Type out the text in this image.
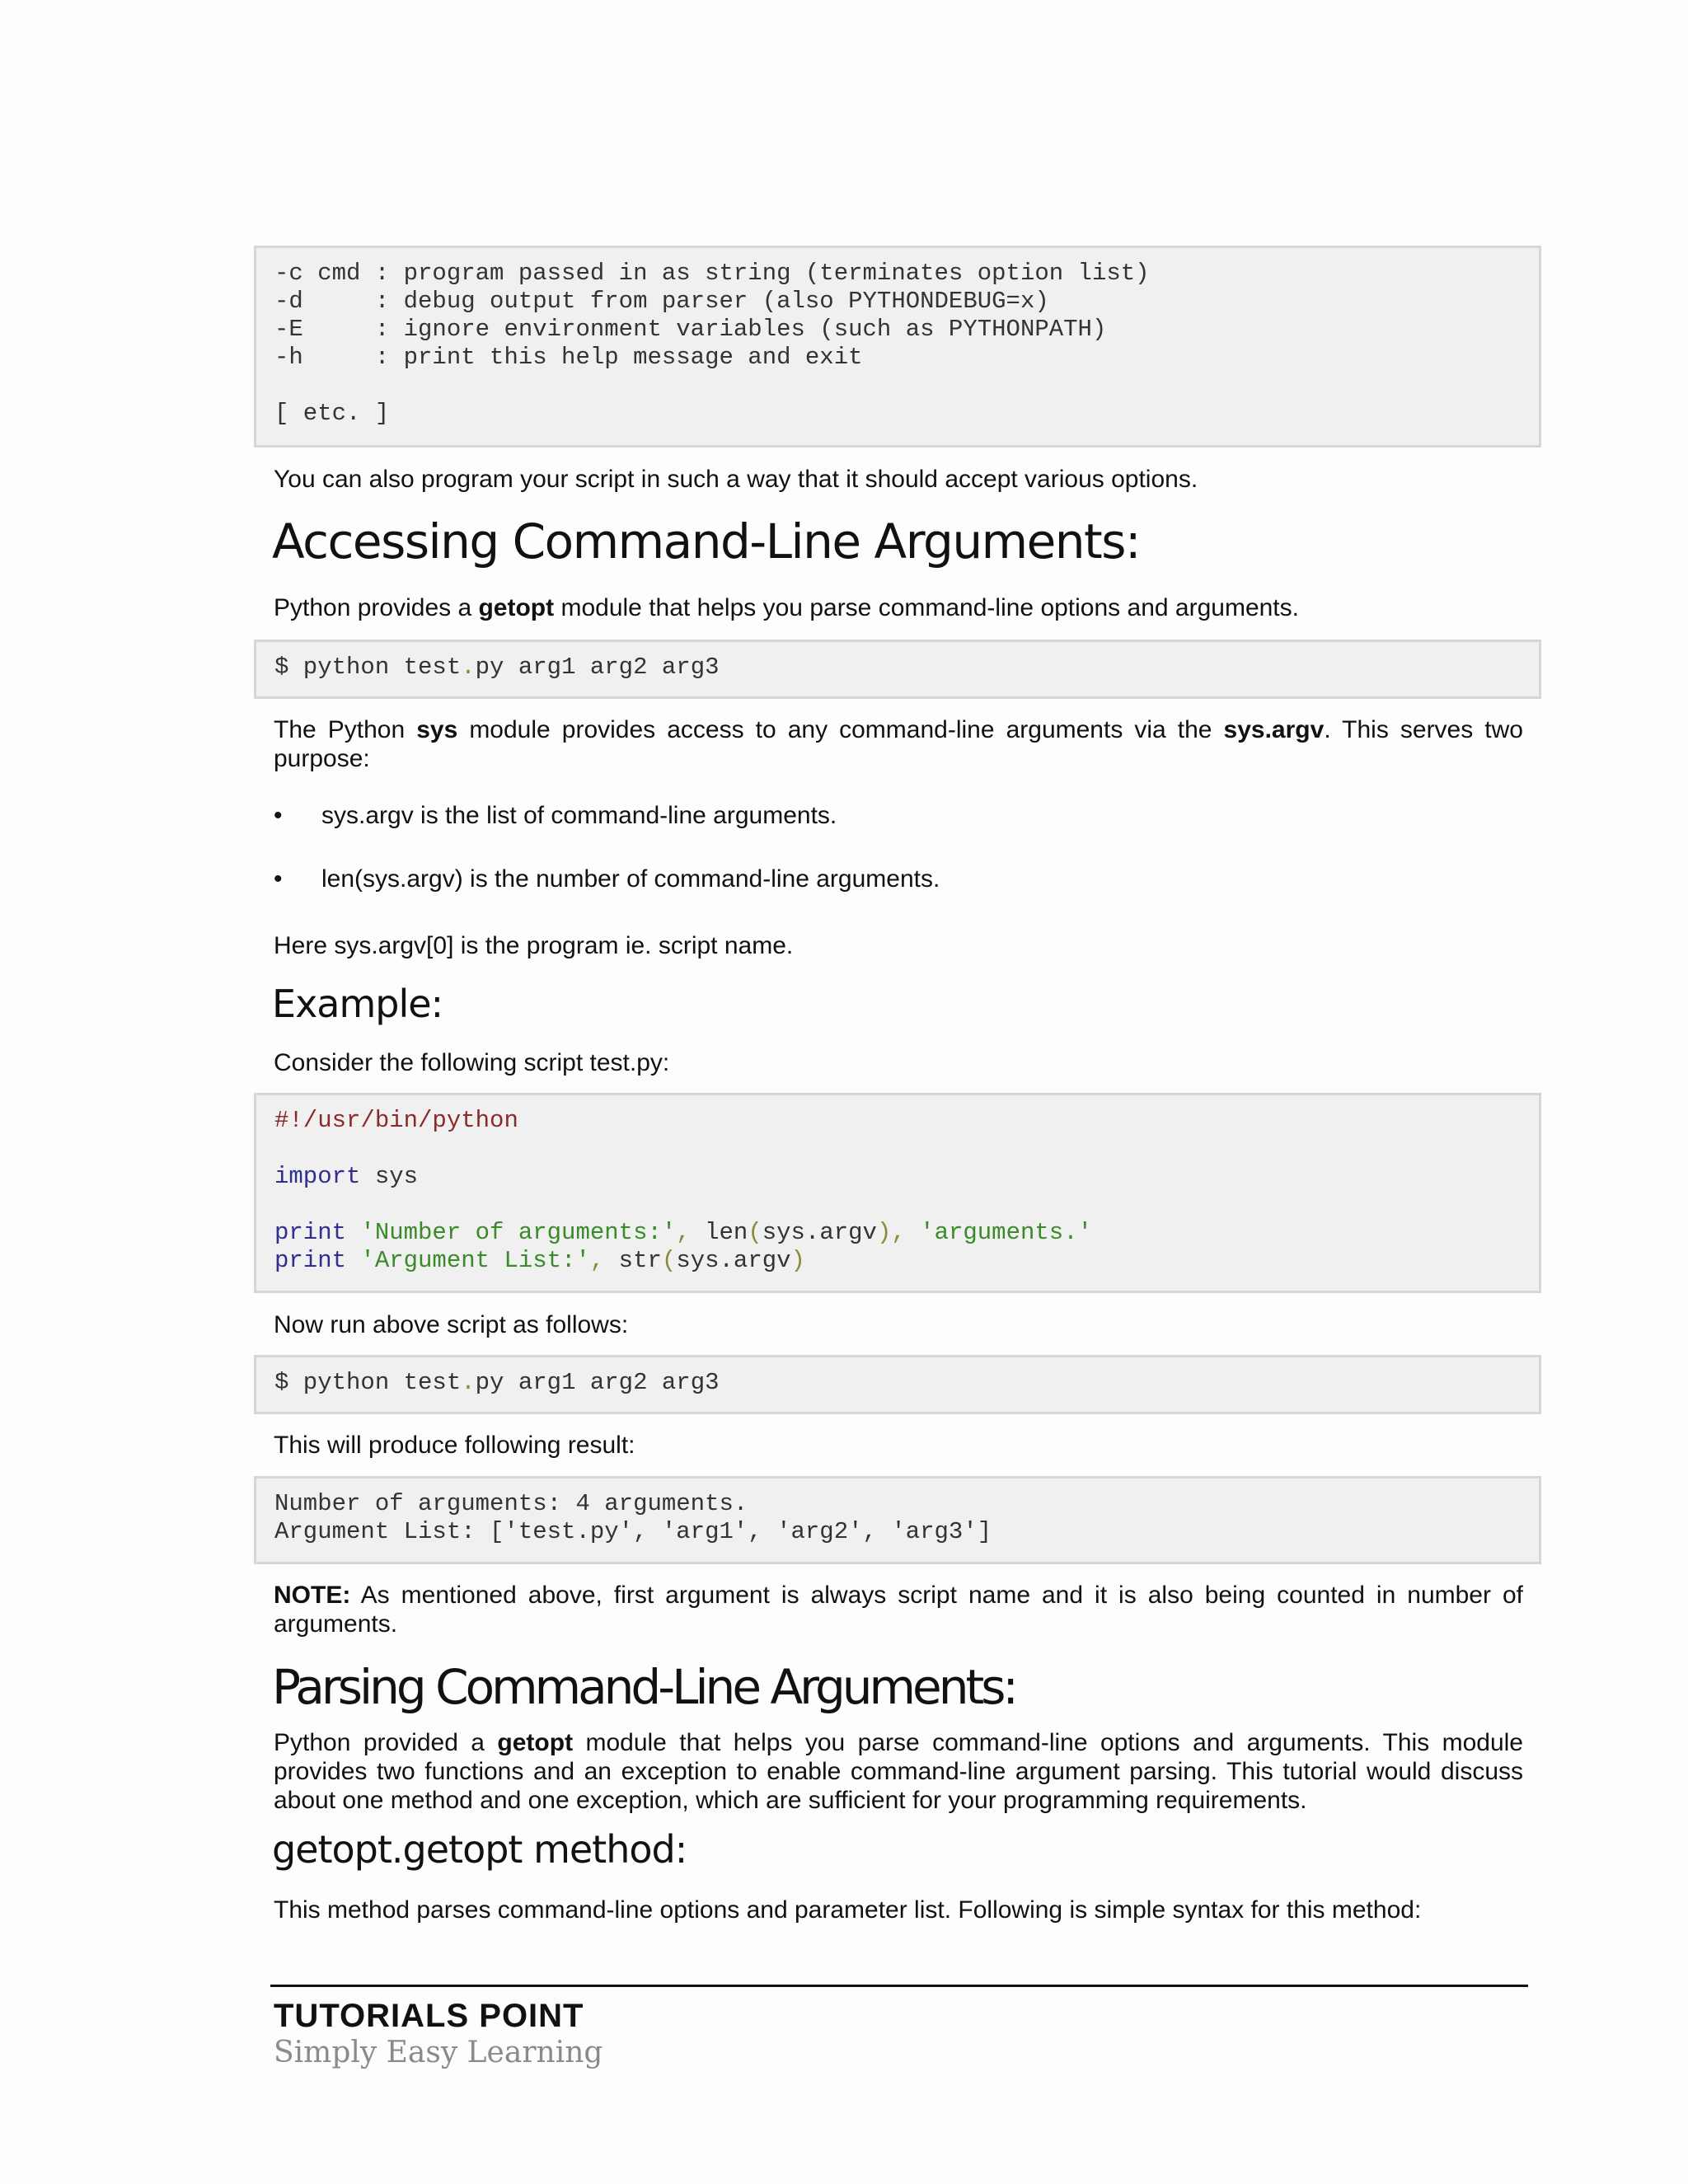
-c cmd : program passed in as string (terminates option list)
-d     : debug output from parser (also PYTHONDEBUG=x)
-E     : ignore environment variables (such as PYTHONPATH)
-h     : print this help message and exit
[ etc. ]

You can also program your script in such a way that it should accept various options.

Accessing Command-Line Arguments:

Python provides a getopt module that helps you parse command-line options and arguments.

$ python test.py arg1 arg2 arg3

The Python sys module provides access to any command-line arguments via the sys.argv. This serves two purpose:

• sys.argv is the list of command-line arguments.
• len(sys.argv) is the number of command-line arguments.

Here sys.argv[0] is the program ie. script name.

Example:

Consider the following script test.py:

#!/usr/bin/python
import sys
print 'Number of arguments:', len(sys.argv), 'arguments.'
print 'Argument List:', str(sys.argv)

Now run above script as follows:

$ python test.py arg1 arg2 arg3

This will produce following result:

Number of arguments: 4 arguments.
Argument List: ['test.py', 'arg1', 'arg2', 'arg3']

NOTE: As mentioned above, first argument is always script name and it is also being counted in number of arguments.

Parsing Command-Line Arguments:

Python provided a getopt module that helps you parse command-line options and arguments. This module provides two functions and an exception to enable command-line argument parsing. This tutorial would discuss about one method and one exception, which are sufficient for your programming requirements.

getopt.getopt method:

This method parses command-line options and parameter list. Following is simple syntax for this method:

TUTORIALS POINT
Simply Easy Learning
